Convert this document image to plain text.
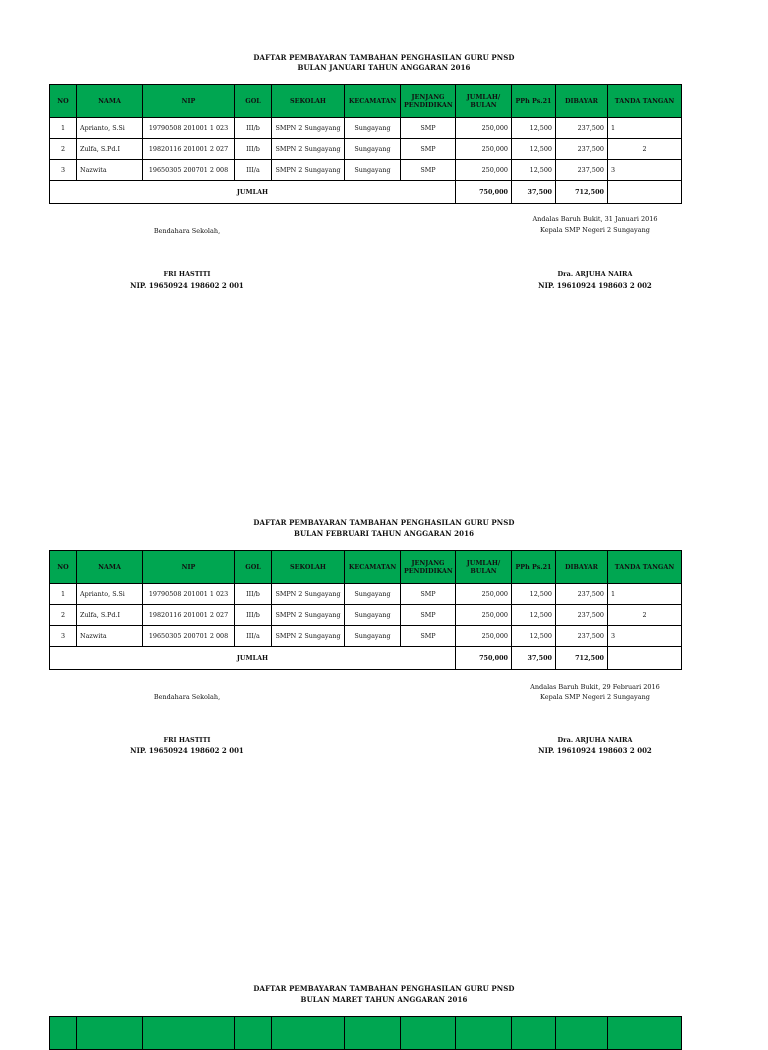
DAFTAR PEMBAYARAN TAMBAHAN PENGHASILAN GURU PNSD
BULAN JANUARI TAHUN ANGGARAN 2016
NO	NAMA	NIP	GOL	SEKOLAH	KECAMATAN	JENJANG PENDIDIKAN	JUMLAH/ BULAN	PPh Ps.21	DIBAYAR	TANDA TANGAN
1	Aprianto, S.Si	19790508 201001 1 023	III/b	SMPN 2 Sungayang	Sungayang	SMP	250,000	12,500	237,500	1
2	Zulfa, S.Pd.I	19820116 201001 2 027	III/b	SMPN 2 Sungayang	Sungayang	SMP	250,000	12,500	237,500	2
3	Nazwita	19650305 200701 2 008	III/a	SMPN 2 Sungayang	Sungayang	SMP	250,000	12,500	237,500	3
JUMLAH							750,000	37,500	712,500	
Andalas Baruh Bukit, 31 Januari 2016
Kepala SMP Negeri 2 Sungayang
Bendahara Sekolah,
FRI HASTITI
NIP. 19650924 198602 2 001
Dra. ARJUHA NAIRA
NIP. 19610924 198603 2 002
DAFTAR PEMBAYARAN TAMBAHAN PENGHASILAN GURU PNSD
BULAN FEBRUARI TAHUN ANGGARAN 2016
NO	NAMA	NIP	GOL	SEKOLAH	KECAMATAN	JENJANG PENDIDIKAN	JUMLAH/ BULAN	PPh Ps.21	DIBAYAR	TANDA TANGAN
1	Aprianto, S.Si	19790508 201001 1 023	III/b	SMPN 2 Sungayang	Sungayang	SMP	250,000	12,500	237,500	1
2	Zulfa, S.Pd.I	19820116 201001 2 027	III/b	SMPN 2 Sungayang	Sungayang	SMP	250,000	12,500	237,500	2
3	Nazwita	19650305 200701 2 008	III/a	SMPN 2 Sungayang	Sungayang	SMP	250,000	12,500	237,500	3
JUMLAH							750,000	37,500	712,500	
Andalas Baruh Bukit, 29 Februari 2016
Kepala SMP Negeri 2 Sungayang
Bendahara Sekolah,
FRI HASTITI
NIP. 19650924 198602 2 001
Dra. ARJUHA NAIRA
NIP. 19610924 198603 2 002
DAFTAR PEMBAYARAN TAMBAHAN PENGHASILAN GURU PNSD
BULAN MARET TAHUN ANGGARAN 2016
